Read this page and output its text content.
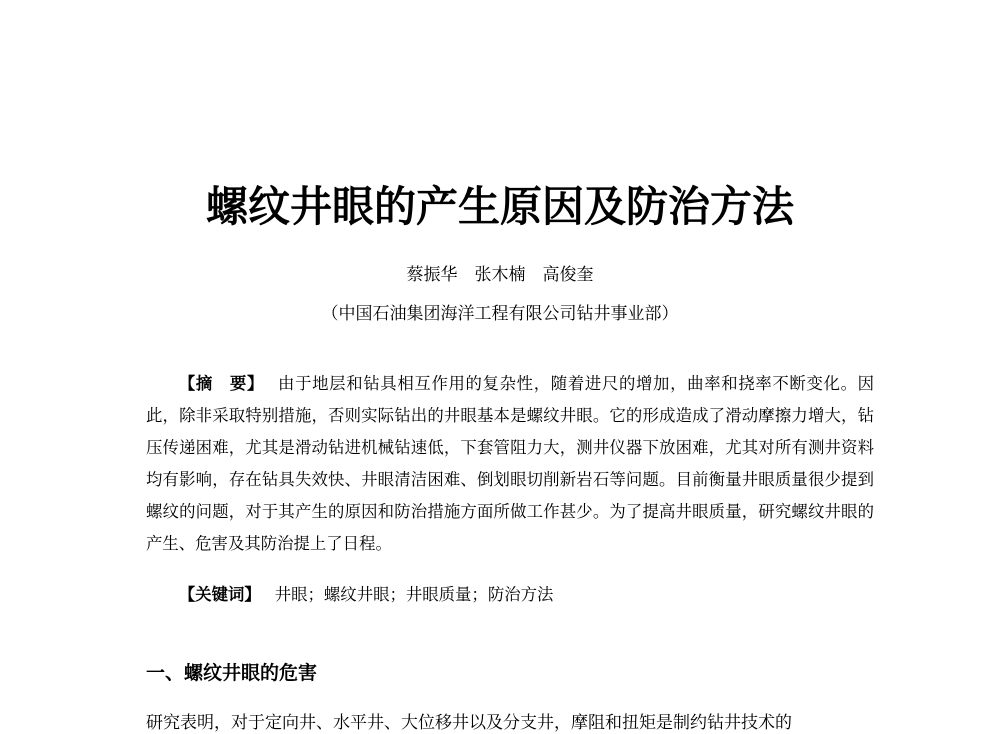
螺纹井眼的产生原因及防治方法
蔡振华　张木楠　高俊奎
（中国石油集团海洋工程有限公司钻井事业部）
【摘　要】 由于地层和钻具相互作用的复杂性，随着进尺的增加，曲率和挠率不断变化。因此，除非采取特别措施，否则实际钻出的井眼基本是螺纹井眼。它的形成造成了滑动摩擦力增大，钻压传递困难，尤其是滑动钻进机械钻速低，下套管阻力大，测井仪器下放困难，尤其对所有测井资料均有影响，存在钻具失效快、井眼清洁困难、倒划眼切削新岩石等问题。目前衡量井眼质量很少提到螺纹的问题，对于其产生的原因和防治措施方面所做工作甚少。为了提高井眼质量，研究螺纹井眼的产生、危害及其防治提上了日程。
【关键词】 井眼；螺纹井眼；井眼质量；防治方法
一、螺纹井眼的危害
研究表明，对于定向井、水平井、大位移井以及分支井，摩阻和扭矩是制约钻井技术的
